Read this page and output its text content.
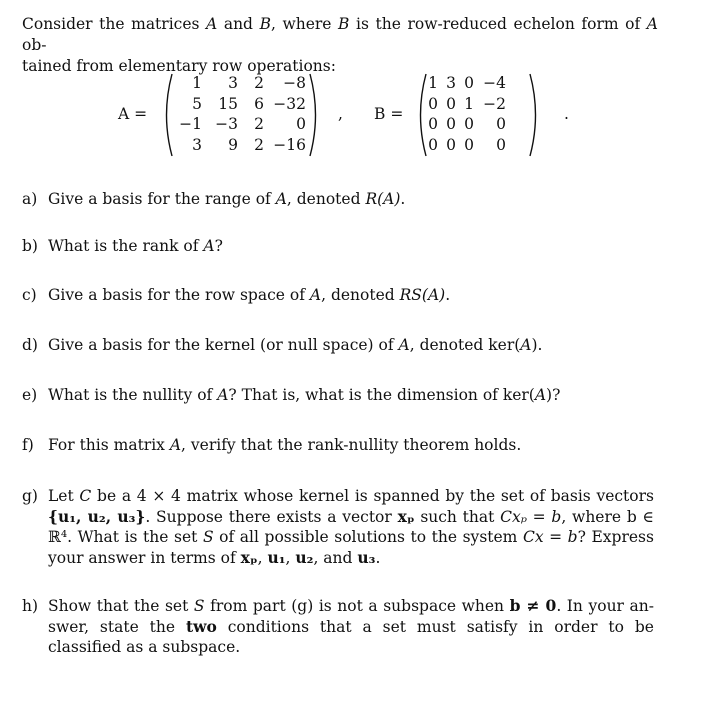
Consider the matrices A and B, where B is the row-reduced echelon form of A ob-
tained from elementary row operations:
A =
1	3	2	−8
5	15	6 −32
−1 −3	2	0
3	9	2 −16
, B =
1 3 0 −4
0 0 1 −2
0 0 0	0
0 0 0	0
.
a) Give a basis for the range of A, denoted R(A).
b) What is the rank of A?
c) Give a basis for the row space of A, denoted RS(A).
d) Give a basis for the kernel (or null space) of A, denoted ker(A).
e) What is the nullity of A? That is, what is the dimension of ker(A)?
f) For this matrix A, verify that the rank-nullity theorem holds.
g) Let C be a 4 × 4 matrix whose kernel is spanned by the set of basis vectors {u₁, u₂, u₃}. Suppose there exists a vector xₚ such that Cxₚ = b, where b ∈ ℝ⁴. What is the set S of all possible solutions to the system Cx = b? Express your answer in terms of xₚ, u₁, u₂, and u₃.
h) Show that the set S from part (g) is not a subspace when b ≠ 0. In your an- swer, state the two conditions that a set must satisfy in order to be classified as a subspace.
